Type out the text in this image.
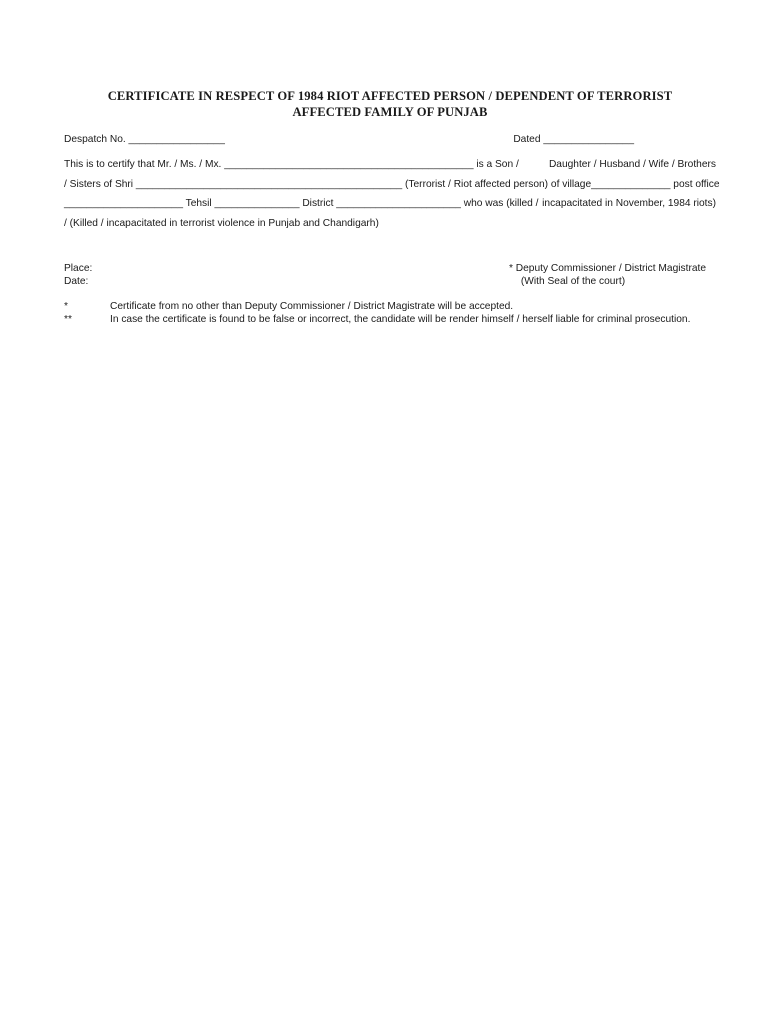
CERTIFICATE IN RESPECT OF 1984 RIOT AFFECTED PERSON / DEPENDENT OF TERRORIST
AFFECTED FAMILY OF PUNJAB
Despatch No. _________________	Dated ________________
This is to certify that Mr. / Ms. / Mx. ____________________________________________ is a Son /	Daughter / Husband / Wife / Brothers
/ Sisters of Shri _______________________________________________ (Terrorist / Riot affected person) of village ______________ post office
_____________________ Tehsil _______________ District ______________________ who was (killed / incapacitated in November, 1984 riots)
/ (Killed / incapacitated in terrorist violence in Punjab and Chandigarh)
Place:
Date:
* Deputy Commissioner / District Magistrate
(With Seal of the court)
*	Certificate from no other than Deputy Commissioner / District Magistrate will be accepted.
**	In case the certificate is found to be false or incorrect, the candidate will be render himself / herself liable for criminal prosecution.
